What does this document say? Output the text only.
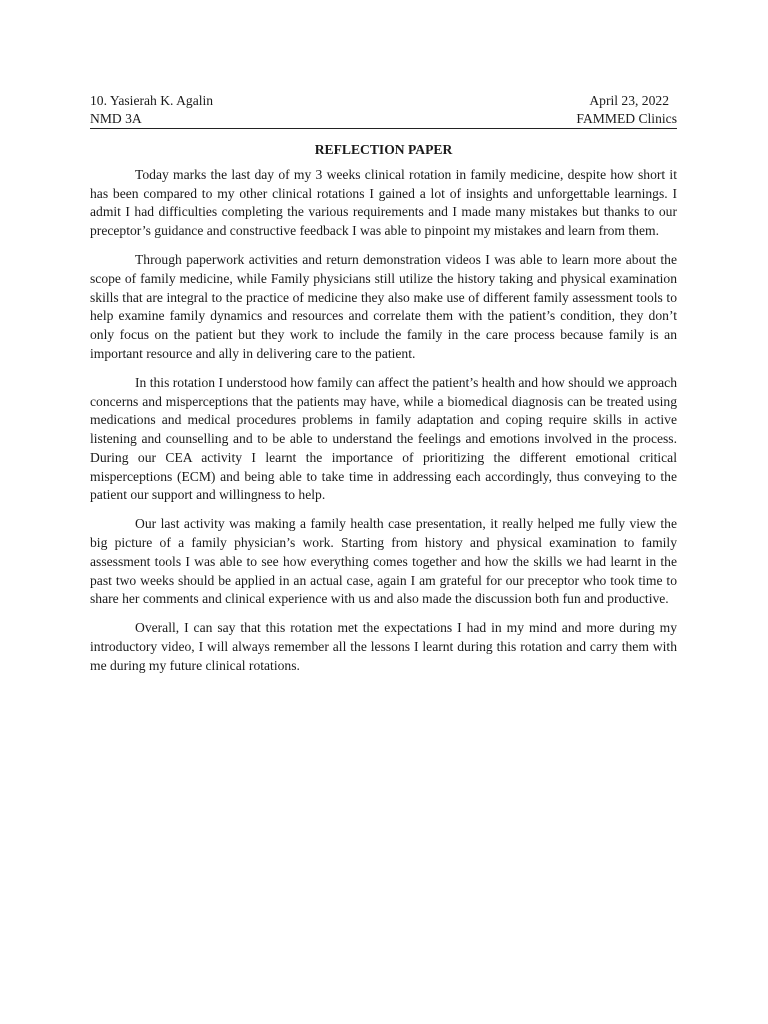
10. Yasierah K. Agalin	April 23, 2022
NMD 3A	FAMMED Clinics
REFLECTION PAPER

Today marks the last day of my 3 weeks clinical rotation in family medicine, despite how short it has been compared to my other clinical rotations I gained a lot of insights and unforgettable learnings. I admit I had difficulties completing the various requirements and I made many mistakes but thanks to our preceptor’s guidance and constructive feedback I was able to pinpoint my mistakes and learn from them.

Through paperwork activities and return demonstration videos I was able to learn more about the scope of family medicine, while Family physicians still utilize the history taking and physical examination skills that are integral to the practice of medicine they also make use of different family assessment tools to help examine family dynamics and resources and correlate them with the patient’s condition, they don’t only focus on the patient but they work to include the family in the care process because family is an important resource and ally in delivering care to the patient.

In this rotation I understood how family can affect the patient’s health and how should we approach concerns and misperceptions that the patients may have, while a biomedical diagnosis can be treated using medications and medical procedures problems in family adaptation and coping require skills in active listening and counselling and to be able to understand the feelings and emotions involved in the process. During our CEA activity I learnt the importance of prioritizing the different emotional critical misperceptions (ECM) and being able to take time in addressing each accordingly, thus conveying to the patient our support and willingness to help.

Our last activity was making a family health case presentation, it really helped me fully view the big picture of a family physician’s work. Starting from history and physical examination to family assessment tools I was able to see how everything comes together and how the skills we had learnt in the past two weeks should be applied in an actual case, again I am grateful for our preceptor who took time to share her comments and clinical experience with us and also made the discussion both fun and productive.

Overall, I can say that this rotation met the expectations I had in my mind and more during my introductory video, I will always remember all the lessons I learnt during this rotation and carry them with me during my future clinical rotations.
